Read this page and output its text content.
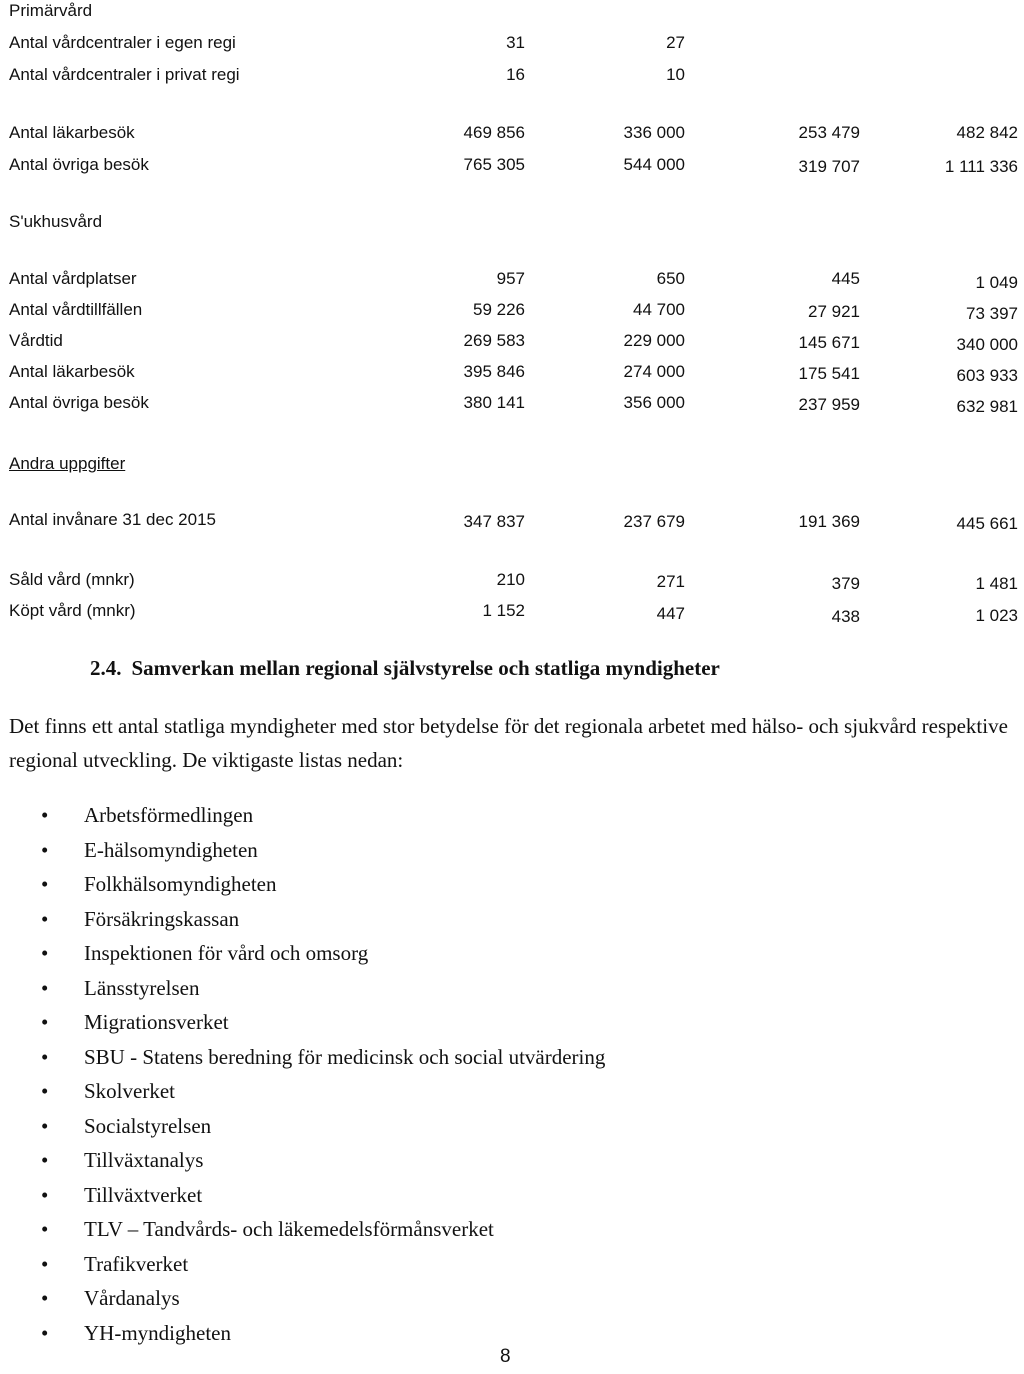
Primärvård
Antal vårdcentraler i egen regi	31	27
Antal vårdcentraler i privat regi	16	10
Antal läkarbesök	469 856	336 000	253 479	482 842
Antal övriga besök	765 305	544 000	319 707	1 111 336
S'ukhusvård
Antal vårdplatser	957	650	445	1 049
Antal vårdtillfällen	59 226	44 700	27 921	73 397
Vårdtid	269 583	229 000	145 671	340 000
Antal läkarbesök	395 846	274 000	175 541	603 933
Antal övriga besök	380 141	356 000	237 959	632 981
Andra uppgifter
Antal invånare 31 dec 2015	347 837	237 679	191 369	445 661
Såld vård (mnkr)	210	271	379	1 481
Köpt vård (mnkr)	1 152	447	438	1 023
2.4. Samverkan mellan regional självstyrelse och statliga myndigheter
Det finns ett antal statliga myndigheter med stor betydelse för det regionala arbetet med hälso- och sjukvård respektive regional utveckling. De viktigaste listas nedan:
• Arbetsförmedlingen
• E-hälsomyndigheten
• Folkhälsomyndigheten
• Försäkringskassan
• Inspektionen för vård och omsorg
• Länsstyrelsen
• Migrationsverket
• SBU - Statens beredning för medicinsk och social utvärdering
• Skolverket
• Socialstyrelsen
• Tillväxtanalys
• Tillväxtverket
• TLV – Tandvårds- och läkemedelsförmånsverket
• Trafikverket
• Vårdanalys
• YH-myndigheten
8
